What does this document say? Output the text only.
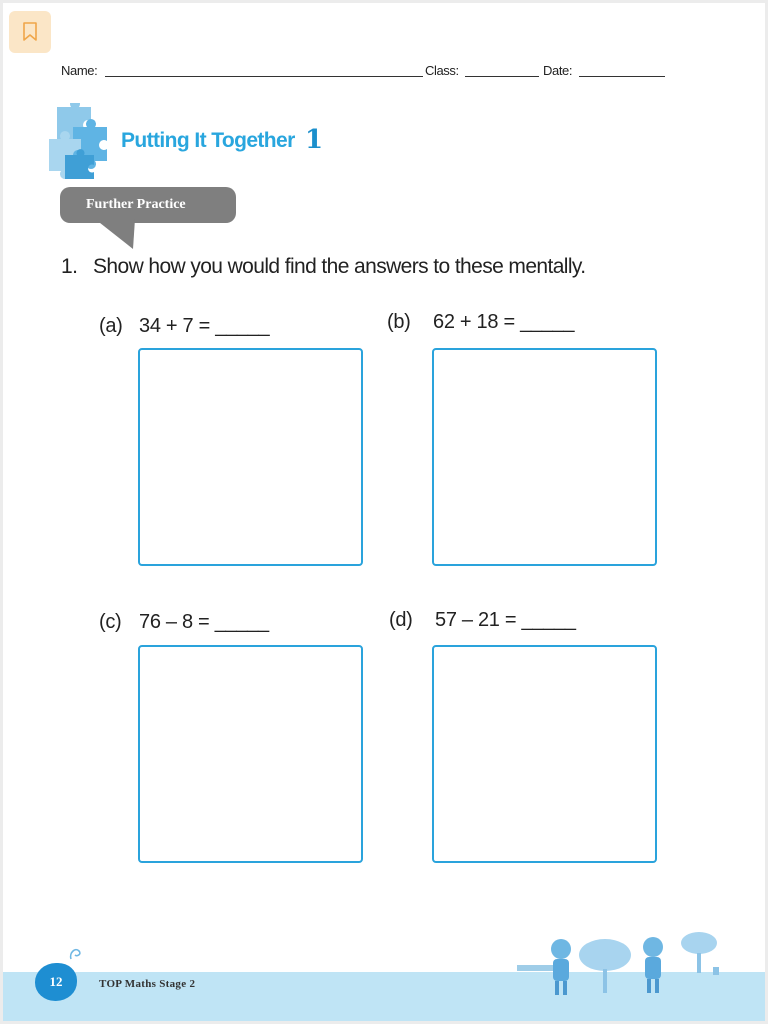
Name:	Class:	Date:
Putting It Together 1
Further Practice
1. Show how you would find the answers to these mentally.
(a) 34 + 7 = _____	(b) 62 + 18 = _____
(c) 76 – 8 = _____	(d) 57 – 21 = _____
12	TOP Maths Stage 2
